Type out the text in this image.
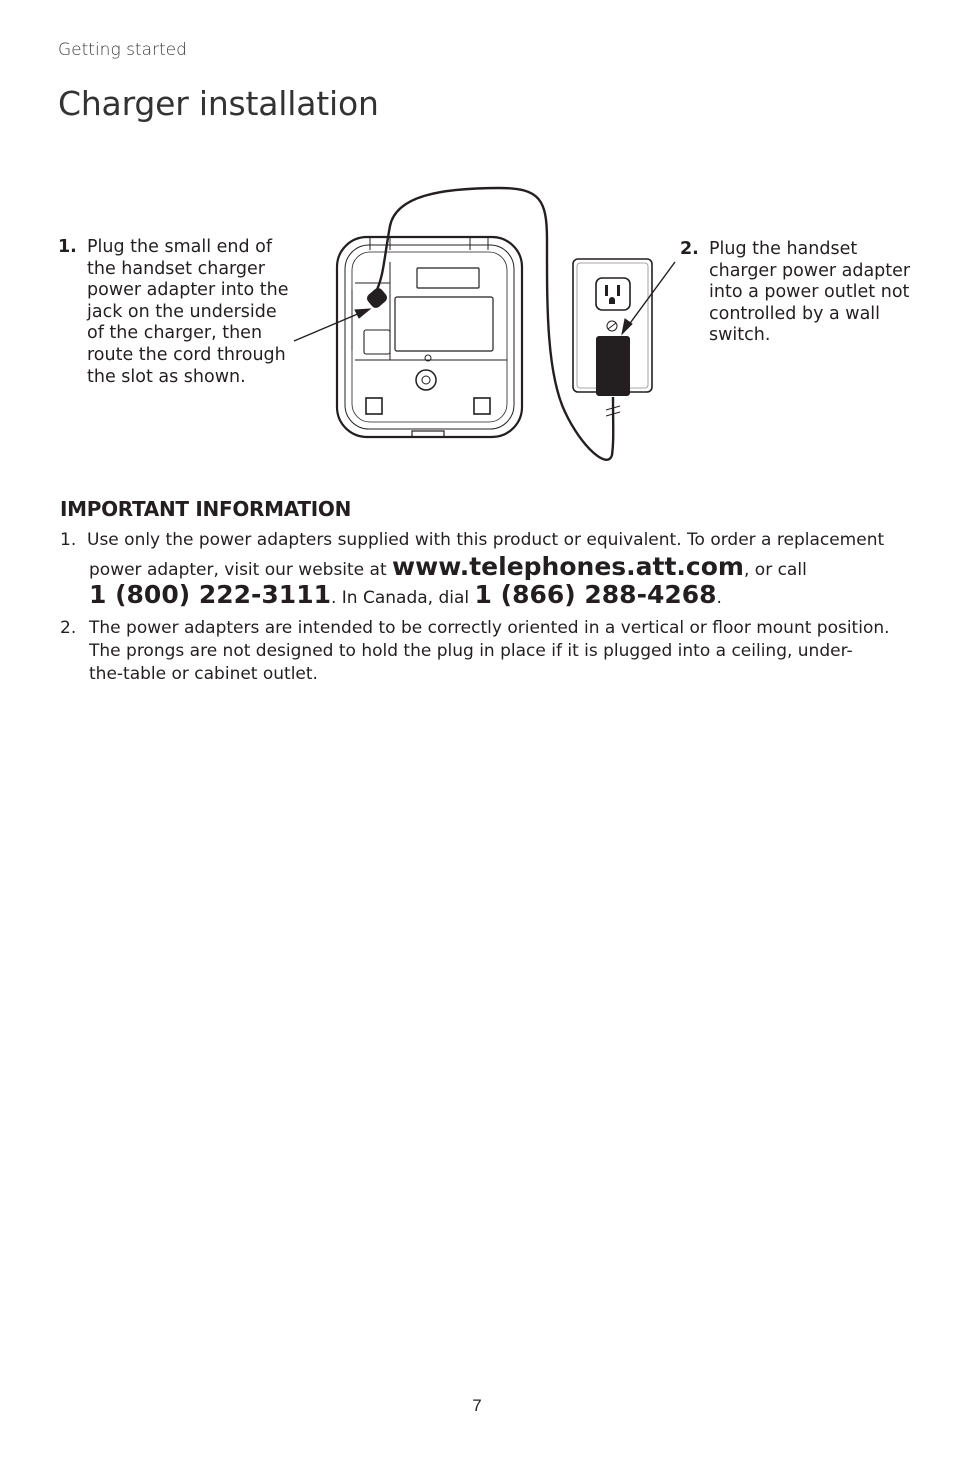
Getting started
Charger installation
1. Plug the small end of the handset charger power adapter into the jack on the underside of the charger, then route the cord through the slot as shown.
2. Plug the handset charger power adapter into a power outlet not controlled by a wall switch.
IMPORTANT INFORMATION
1. Use only the power adapters supplied with this product or equivalent. To order a replacement
power adapter, visit our website at www.telephones.att.com, or call
1 (800) 222-3111. In Canada, dial 1 (866) 288-4268.
2. The power adapters are intended to be correctly oriented in a vertical or floor mount position.
The prongs are not designed to hold the plug in place if it is plugged into a ceiling, under-
the-table or cabinet outlet.
7
